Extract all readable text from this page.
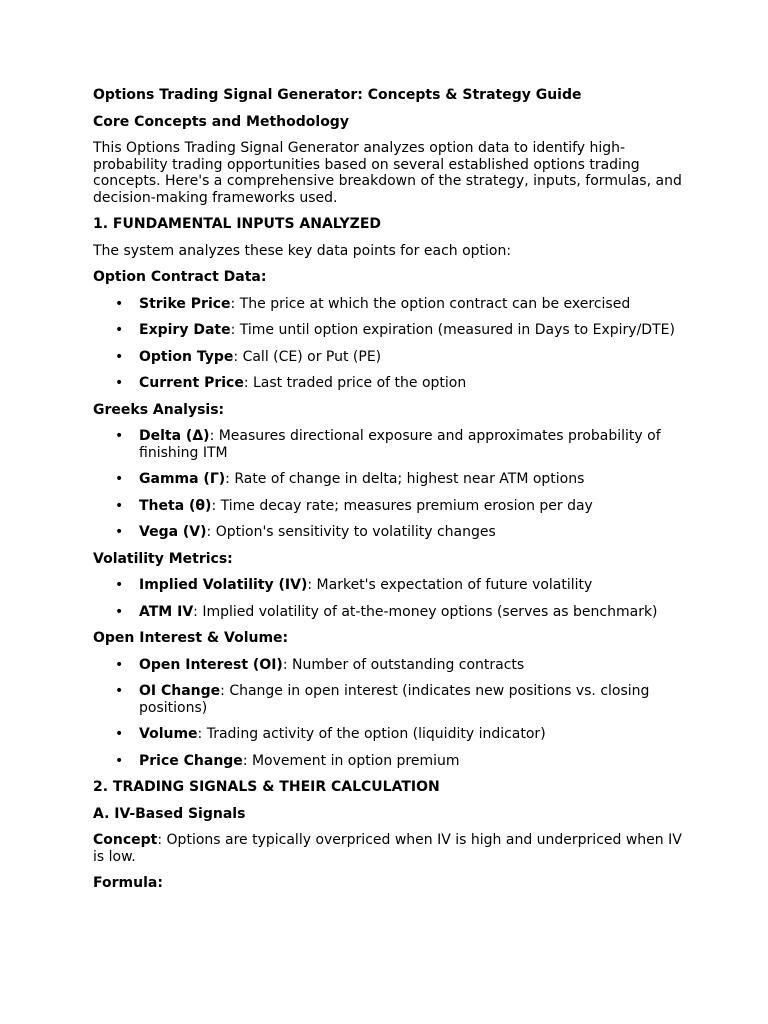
Options Trading Signal Generator: Concepts & Strategy Guide

Core Concepts and Methodology

This Options Trading Signal Generator analyzes option data to identify high-probability trading opportunities based on several established options trading concepts. Here's a comprehensive breakdown of the strategy, inputs, formulas, and decision-making frameworks used.

1. FUNDAMENTAL INPUTS ANALYZED

The system analyzes these key data points for each option:

Option Contract Data:

• Strike Price: The price at which the option contract can be exercised
• Expiry Date: Time until option expiration (measured in Days to Expiry/DTE)
• Option Type: Call (CE) or Put (PE)
• Current Price: Last traded price of the option

Greeks Analysis:

• Delta (Δ): Measures directional exposure and approximates probability of finishing ITM
• Gamma (Γ): Rate of change in delta; highest near ATM options
• Theta (θ): Time decay rate; measures premium erosion per day
• Vega (V): Option's sensitivity to volatility changes

Volatility Metrics:

• Implied Volatility (IV): Market's expectation of future volatility
• ATM IV: Implied volatility of at-the-money options (serves as benchmark)

Open Interest & Volume:

• Open Interest (OI): Number of outstanding contracts
• OI Change: Change in open interest (indicates new positions vs. closing positions)
• Volume: Trading activity of the option (liquidity indicator)
• Price Change: Movement in option premium

2. TRADING SIGNALS & THEIR CALCULATION

A. IV-Based Signals

Concept: Options are typically overpriced when IV is high and underpriced when IV is low.

Formula:
